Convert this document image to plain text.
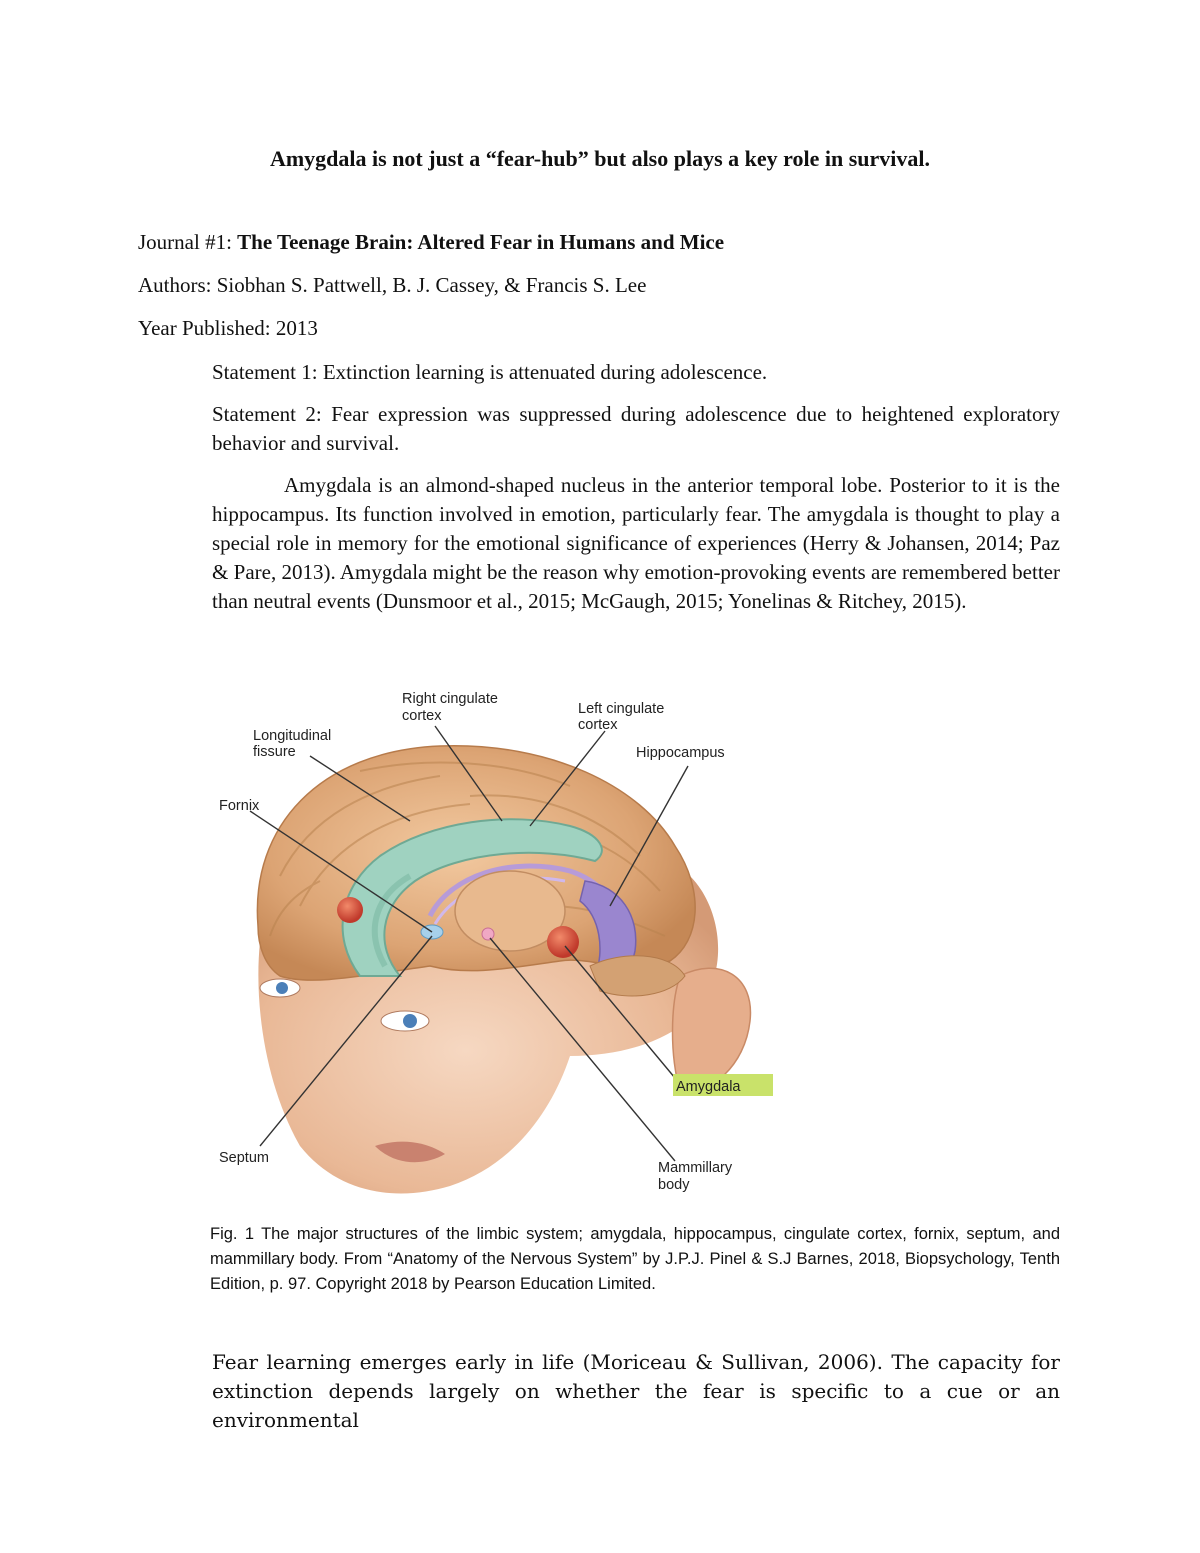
Amygdala is not just a “fear-hub” but also plays a key role in survival.
Journal #1: The Teenage Brain: Altered Fear in Humans and Mice
Authors: Siobhan S. Pattwell, B. J. Cassey, & Francis S. Lee
Year Published: 2013
Statement 1: Extinction learning is attenuated during adolescence.
Statement 2: Fear expression was suppressed during adolescence due to heightened exploratory behavior and survival.
Amygdala is an almond-shaped nucleus in the anterior temporal lobe. Posterior to it is the hippocampus. Its function involved in emotion, particularly fear. The amygdala is thought to play a special role in memory for the emotional significance of experiences (Herry & Johansen, 2014; Paz & Pare, 2013). Amygdala might be the reason why emotion-provoking events are remembered better than neutral events (Dunsmoor et al., 2015; McGaugh, 2015; Yonelinas & Ritchey, 2015).
Right cingulate
cortex	Left cingulate
cortex
Longitudinal
fissure	Hippocampus
Fornix
Amygdala
Septum
Mammillary
body
Fig. 1 The major structures of the limbic system; amygdala, hippocampus, cingulate cortex, fornix, septum, and mammillary body. From “Anatomy of the Nervous System” by J.P.J. Pinel & S.J Barnes, 2018, Biopsychology, Tenth Edition, p. 97. Copyright 2018 by Pearson Education Limited.
Fear learning emerges early in life (Moriceau & Sullivan, 2006). The capacity for extinction depends largely on whether the fear is specific to a cue or an environmental
